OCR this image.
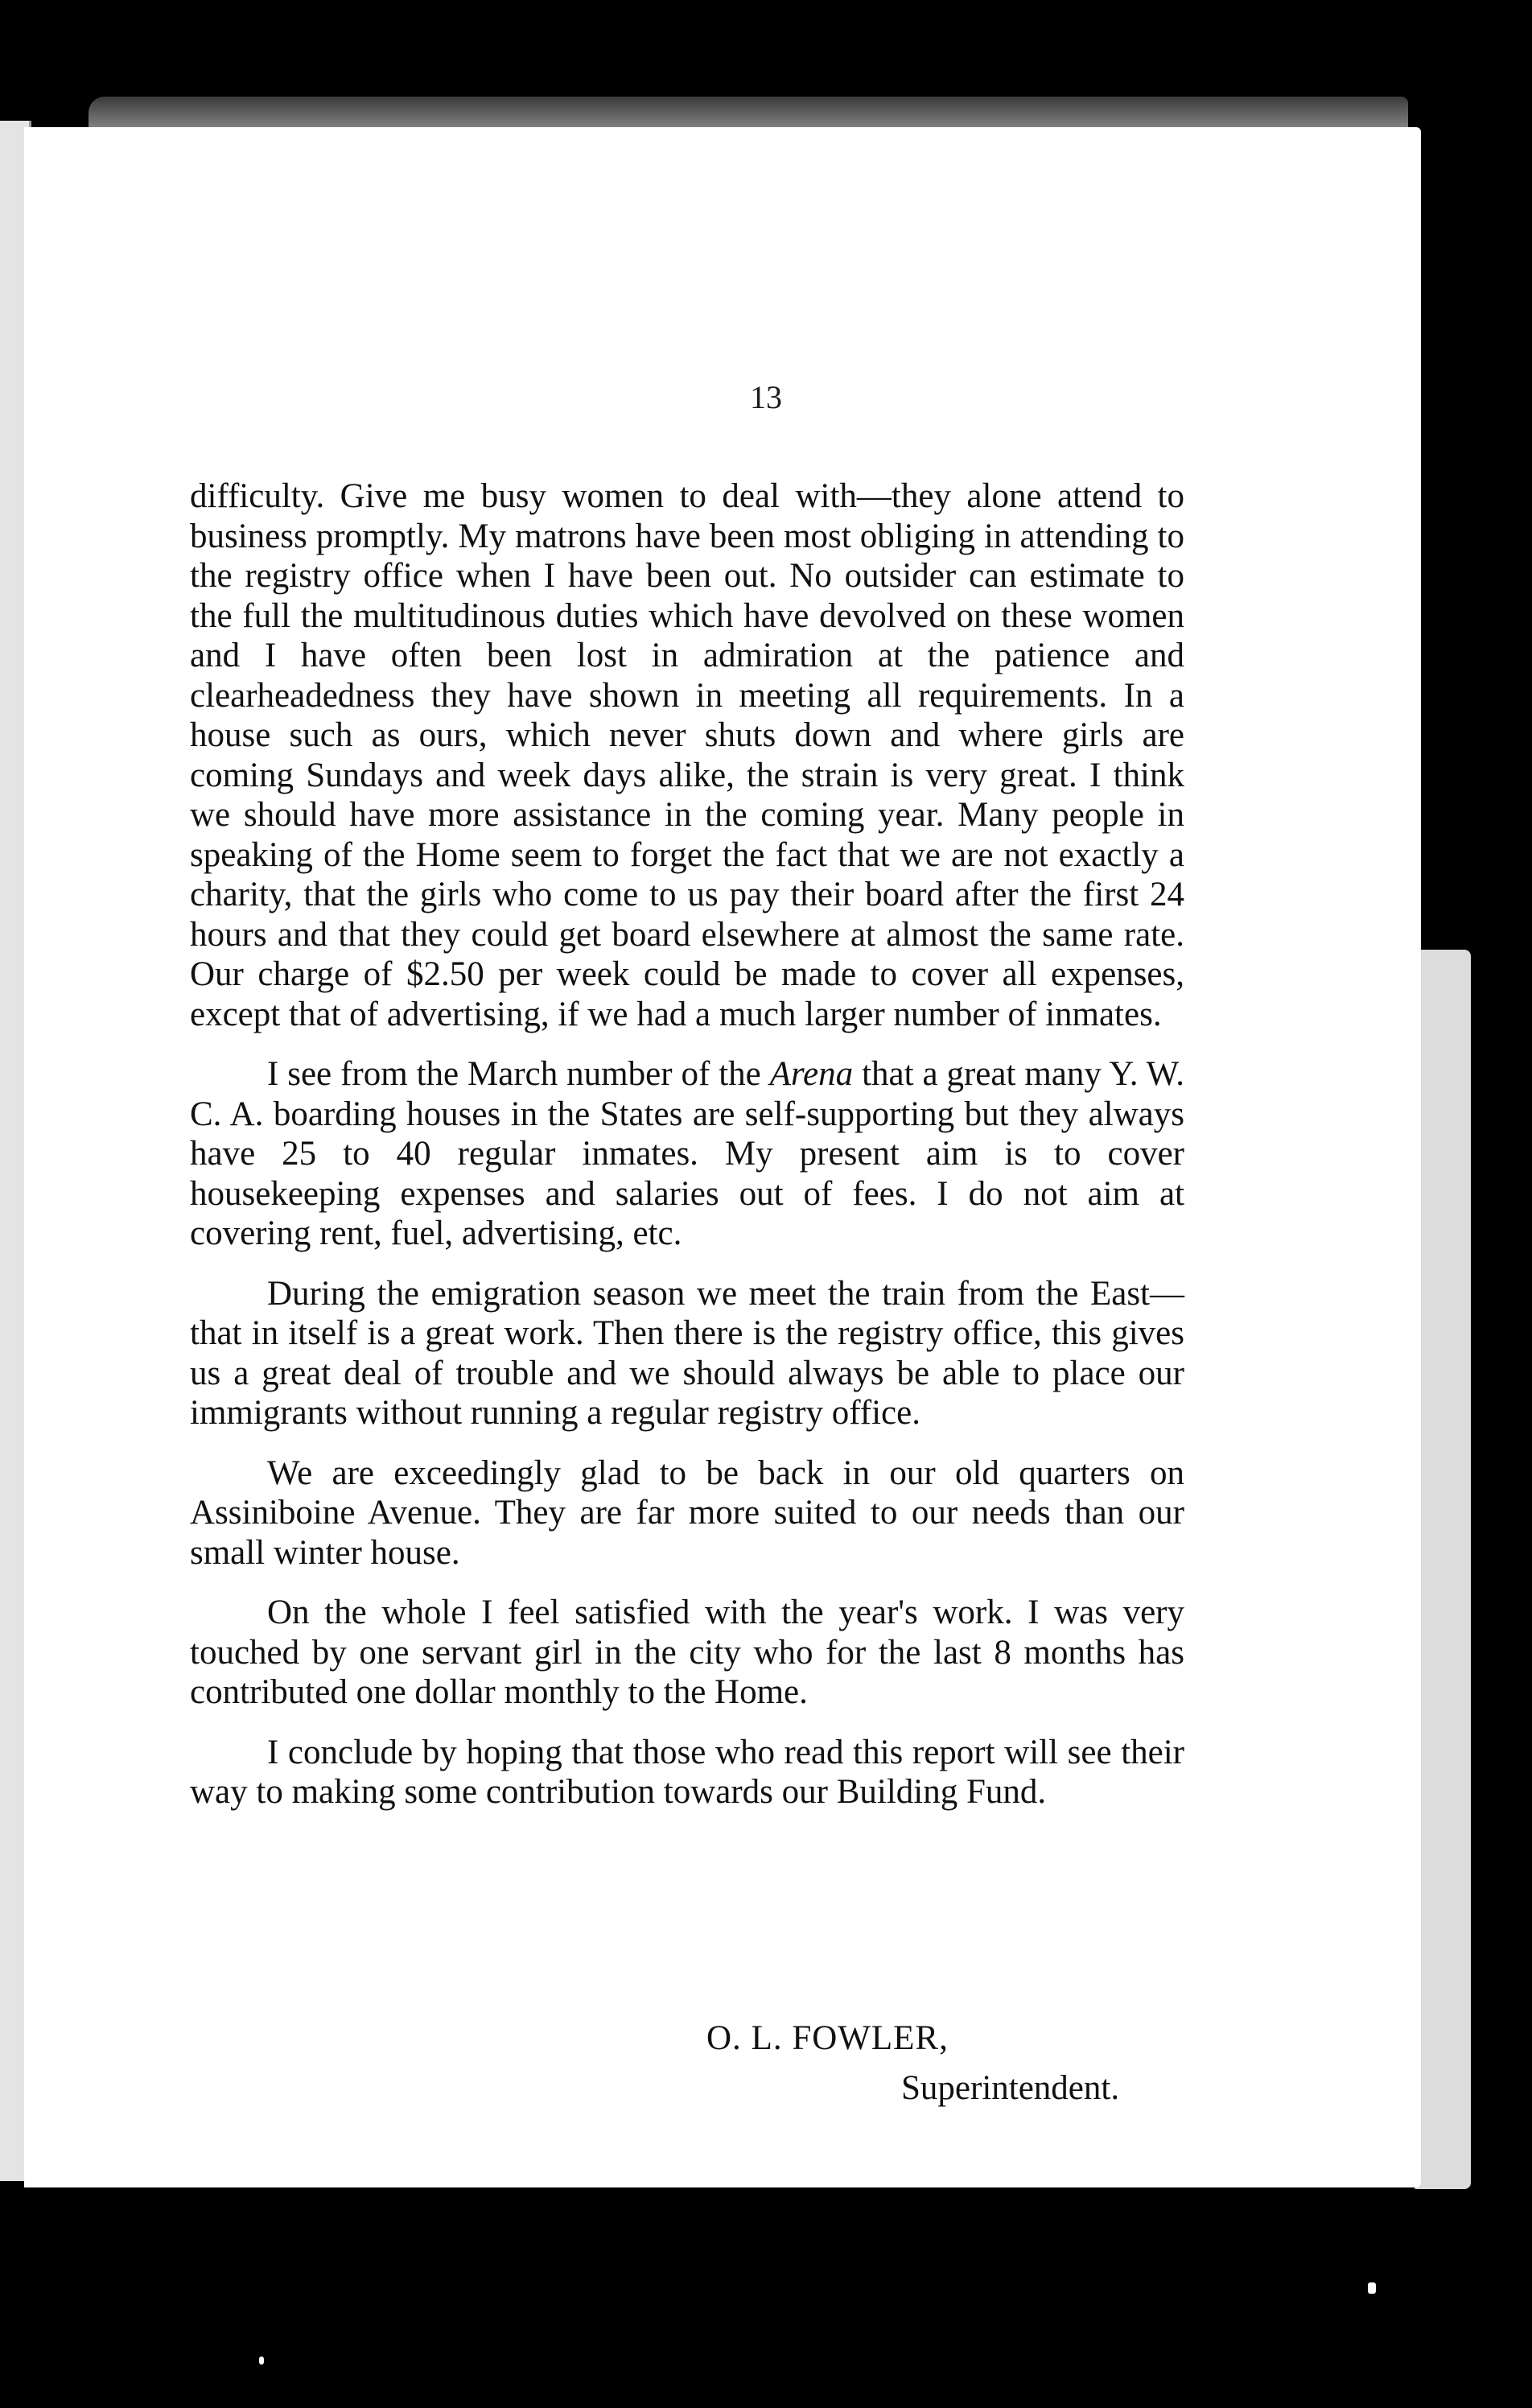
13

difficulty. Give me busy women to deal with—they alone attend to business promptly. My matrons have been most obliging in attending to the registry office when I have been out. No outsider can estimate to the full the multitudinous duties which have devolved on these women and I have often been lost in admiration at the patience and clearheadedness they have shown in meeting all requirements. In a house such as ours, which never shuts down and where girls are coming Sundays and week days alike, the strain is very great. I think we should have more assistance in the coming year. Many people in speaking of the Home seem to forget the fact that we are not exactly a charity, that the girls who come to us pay their board after the first 24 hours and that they could get board elsewhere at almost the same rate. Our charge of $2.50 per week could be made to cover all expenses, except that of advertising, if we had a much larger number of inmates.

I see from the March number of the Arena that a great many Y. W. C. A. boarding houses in the States are self-supporting but they always have 25 to 40 regular inmates. My present aim is to cover housekeeping expenses and salaries out of fees. I do not aim at covering rent, fuel, advertising, etc.

During the emigration season we meet the train from the East—that in itself is a great work. Then there is the registry office, this gives us a great deal of trouble and we should always be able to place our immigrants without running a regular registry office.

We are exceedingly glad to be back in our old quarters on Assiniboine Avenue. They are far more suited to our needs than our small winter house.

On the whole I feel satisfied with the year's work. I was very touched by one servant girl in the city who for the last 8 months has contributed one dollar monthly to the Home.

I conclude by hoping that those who read this report will see their way to making some contribution towards our Building Fund.

O. L. FOWLER,
Superintendent.
